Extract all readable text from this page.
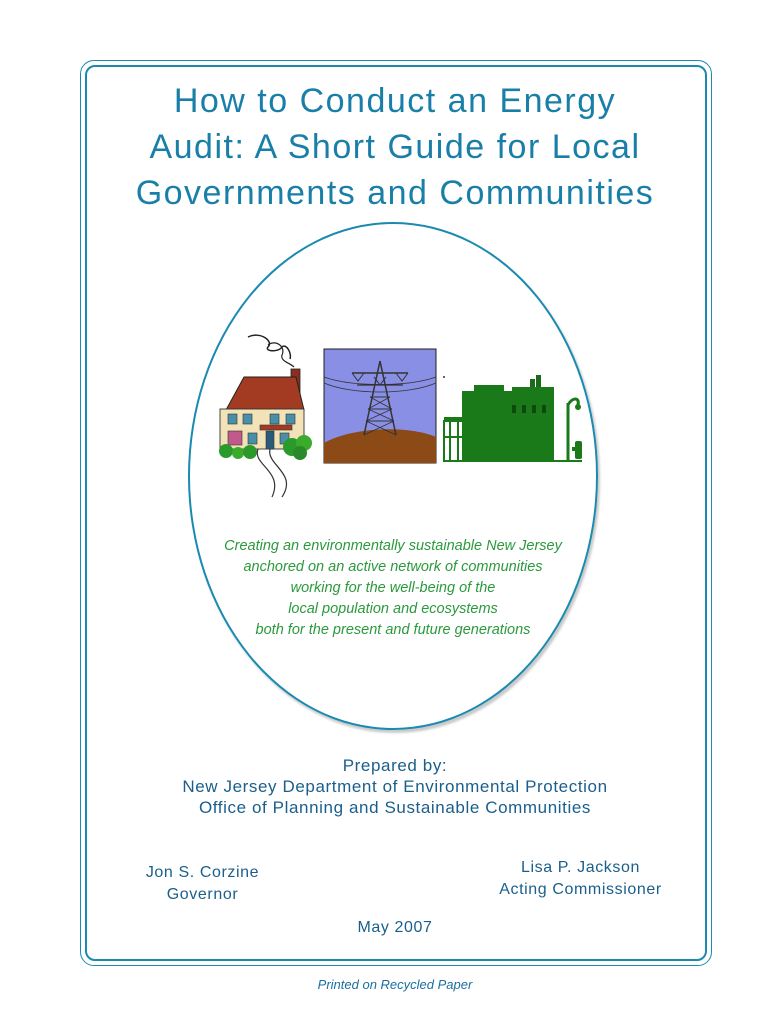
How to Conduct an Energy
Audit: A Short Guide for Local
Governments and Communities
Creating an environmentally sustainable New Jersey
anchored on an active network of communities
working for the well-being of the
local population and ecosystems
both for the present and future generations
Prepared by:
New Jersey Department of Environmental Protection
Office of Planning and Sustainable Communities
Jon S. Corzine
Governor
Lisa P. Jackson
Acting Commissioner
May 2007
Printed on Recycled Paper
